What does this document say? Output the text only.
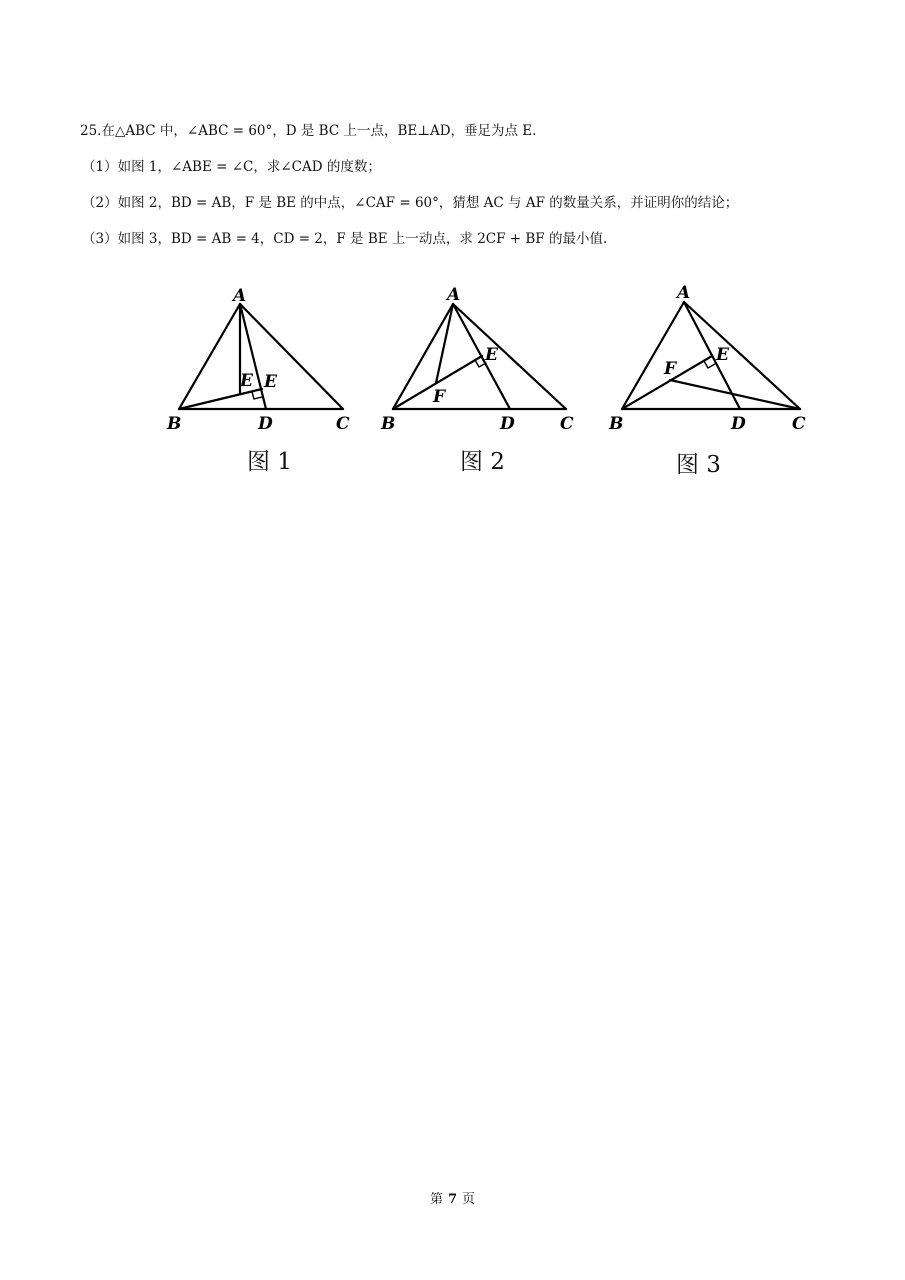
25.在△ABC 中，∠ABC = 60°，D 是 BC 上一点，BE⊥AD，垂足为点 E.
（1）如图 1，∠ABE = ∠C，求∠CAD 的度数；
（2）如图 2，BD = AB，F 是 BE 的中点，∠CAF = 60°，猜想 AC 与 AF 的数量关系，并证明你的结论；
（3）如图 3，BD = AB = 4，CD = 2，F 是 BE 上一动点，求 2CF + BF 的最小值.
A
B	C
D
E E
A
B	C
D
E
F
A
B	C
D
E
F
图 1	图 2	图 3
第 7 页
